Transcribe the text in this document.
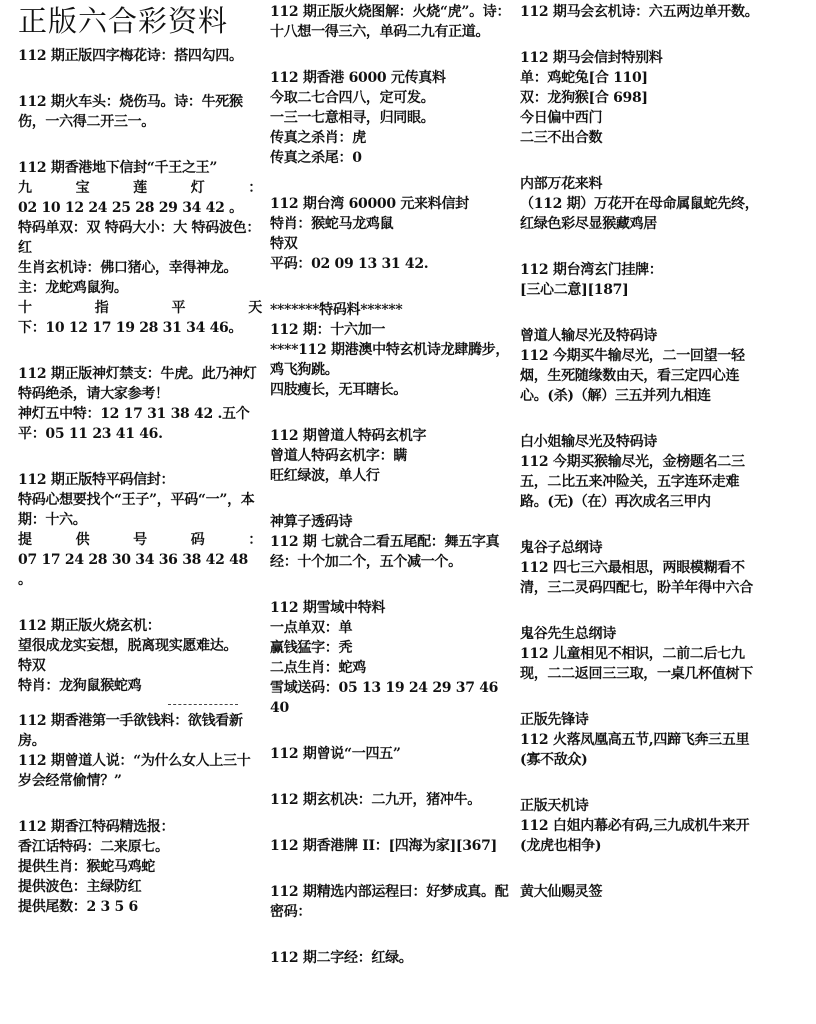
正版六合彩资料
112 期正版四字梅花诗：搭四勾四。
112 期火车头：烧伤马。诗：牛死猴伤，一六得二开三一。
112 期香港地下信封“千王之王”
九	宝	莲	灯	：
02 10 12 24 25 28 29 34 42 。
特码单双：双 特码大小：大 特码波色：红
生肖玄机诗：佛口猪心，幸得神龙。主：龙蛇鸡鼠狗。
十	指	平	天
下：10 12 17 19 28 31 34 46。
112 期正版神灯禁支：牛虎。此乃神灯特码绝杀，请大家参考！
神灯五中特：12 17 31 38 42 .五个平：05 11 23 41 46.
112 期正版特平码信封：
特码心想要找个“王子”，平码“一”，本期：十六。
提	供	号	码	：
07 17 24 28 30 34 36 38 42 48 。
112 期正版火烧玄机：
望很成龙实妄想，脱离现实愿难达。
特双
特肖：龙狗鼠猴蛇鸡
112 期香港第一手欲钱料：欲钱看新房。
112 期曾道人说：“为什么女人上三十岁会经常偷情？”
112 期香江特码精选报：
香江话特码：二来原七。
提供生肖：猴蛇马鸡蛇
提供波色：主绿防红
提供尾数：2 3 5 6
112 期正版火烧图解：火烧“虎”。诗：十八想一得三六，单码二九有正道。
112 期香港 6000 元传真料
今取二七合四八，定可发。
一三一七意相寻，归同眼。
传真之杀肖：虎
传真之杀尾：0
112 期台湾 60000 元来料信封
特肖：猴蛇马龙鸡鼠
特双
平码：02 09 13 31 42.
*******特码料******
112 期：十六加一
****112 期港澳中特玄机诗龙肆腾步，鸡飞狗跳。
四肢瘦长，无耳瞎长。
112 期曾道人特码玄机字
曾道人特码玄机字：瞒
旺红绿波，单人行
神算子透码诗
112 期 七就合二看五尾配：舞五字真经：十个加二个，五个减一个。
112 期雪域中特料
一点单双：单
赢钱猛字：秃
二点生肖：蛇鸡
雪域送码：05 13 19 24 29 37 46 40
112 期曾说“一四五”
112 期玄机决：二九开，猪冲牛。
112 期香港牌 II：[四海为家][367]
112 期精选内部运程曰：好梦成真。配密码：
112 期二字经：红绿。
112 期马会玄机诗：六五两边单开数。
112 期马会信封特别料
单：鸡蛇兔[合 110]
双：龙狗猴[合 698]
今日偏中西门
二三不出合数
内部万花来料
（112 期）万花开在母命属鼠蛇先终，红绿色彩尽显猴藏鸡居
112 期台湾玄门挂牌：
[三心二意][187]
曾道人输尽光及特码诗
112 今期买牛输尽光，二一回望一轻烟，生死随缘数由天，看三定四心连心。(杀)（解）三五并列九相连
白小姐输尽光及特码诗
112 今期买猴输尽光，金榜题名二三五，二比五来冲险关，五字连环走难路。(无)（在）再次成名三甲内
鬼谷子总纲诗
112 四七三六最相思，两眼模糊看不清，三二灵码四配七，盼羊年得中六合
鬼谷先生总纲诗
112 儿童相见不相识，二前二后七九现，二二返回三三取，一桌几杯值树下
正版先锋诗
112 火落凤凰高五节,四蹄飞奔三五里(寡不敌众)
正版天机诗
112 白姐内幕必有码,三九成机牛来开(龙虎也相争)
黄大仙赐灵签
